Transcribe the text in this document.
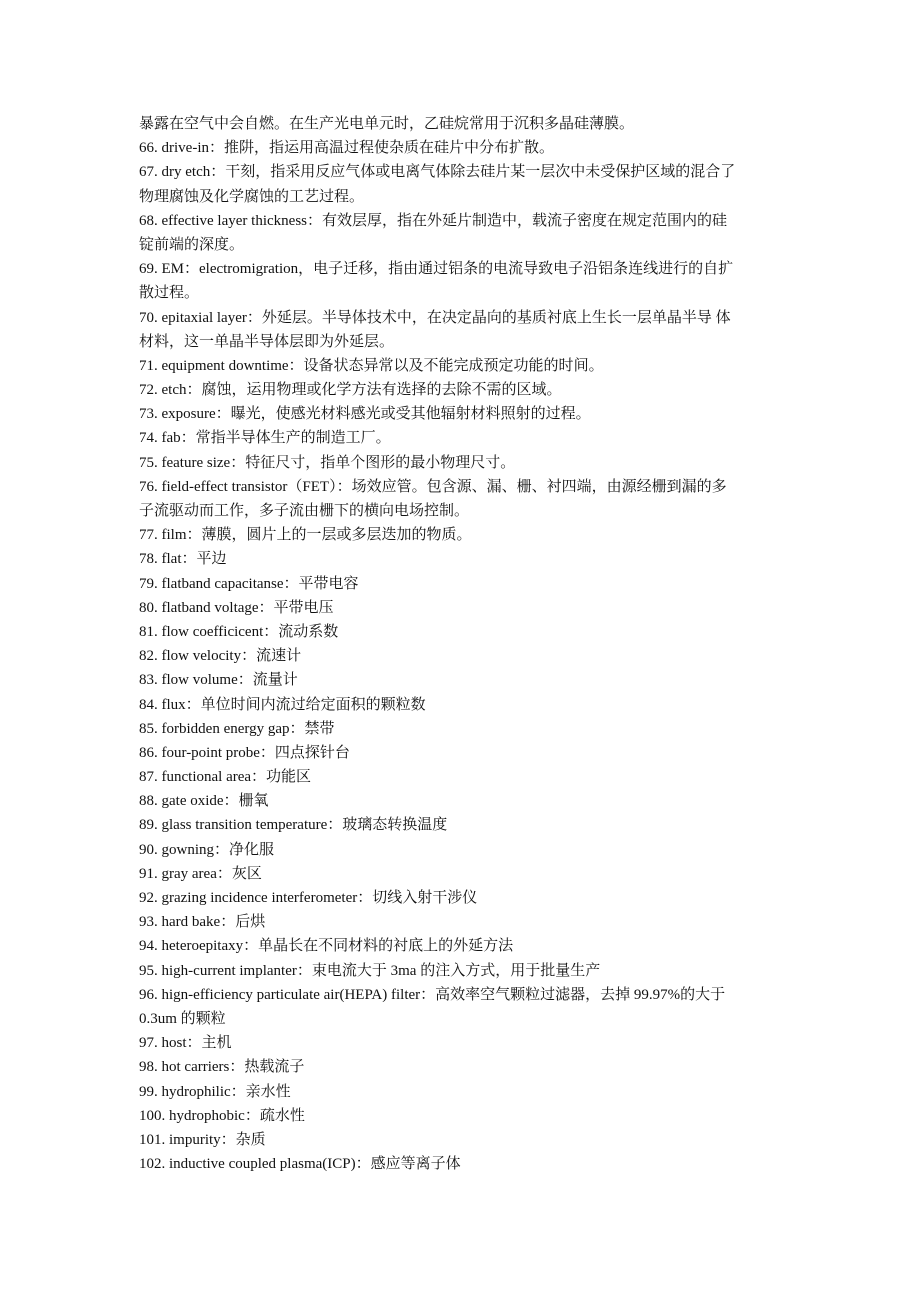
暴露在空气中会自燃。在生产光电单元时，乙硅烷常用于沉积多晶硅薄膜。
66. drive-in：推阱，指运用高温过程使杂质在硅片中分布扩散。
67. dry etch：干刻，指采用反应气体或电离气体除去硅片某一层次中未受保护区域的混合了
物理腐蚀及化学腐蚀的工艺过程。
68. effective layer thickness：有效层厚，指在外延片制造中，载流子密度在规定范围内的硅
锭前端的深度。
69. EM：electromigration，电子迁移，指由通过铝条的电流导致电子沿铝条连线进行的自扩
散过程。
70. epitaxial layer：外延层。半导体技术中，在决定晶向的基质衬底上生长一层单晶半导 体
材料，这一单晶半导体层即为外延层。
71. equipment downtime：设备状态异常以及不能完成预定功能的时间。
72. etch：腐蚀，运用物理或化学方法有选择的去除不需的区域。
73. exposure：曝光，使感光材料感光或受其他辐射材料照射的过程。
74. fab：常指半导体生产的制造工厂。
75. feature size：特征尺寸，指单个图形的最小物理尺寸。
76. field-effect transistor（FET）：场效应管。包含源、漏、栅、衬四端，由源经栅到漏的多
子流驱动而工作，多子流由栅下的横向电场控制。
77. film：薄膜，圆片上的一层或多层迭加的物质。
78. flat：平边
79. flatband capacitanse：平带电容
80. flatband voltage：平带电压
81. flow coefficicent：流动系数
82. flow velocity：流速计
83. flow volume：流量计
84. flux：单位时间内流过给定面积的颗粒数
85. forbidden energy gap：禁带
86. four-point probe：四点探针台
87. functional area：功能区
88. gate oxide：栅氧
89. glass transition temperature：玻璃态转换温度
90. gowning：净化服
91. gray area：灰区
92. grazing incidence interferometer：切线入射干涉仪
93. hard bake：后烘
94. heteroepitaxy：单晶长在不同材料的衬底上的外延方法
95. high-current implanter：束电流大于 3ma 的注入方式，用于批量生产
96. hign-efficiency particulate air(HEPA) filter：高效率空气颗粒过滤器，去掉 99.97%的大于
0.3um 的颗粒
97. host：主机
98. hot carriers：热载流子
99. hydrophilic：亲水性
100. hydrophobic：疏水性
101. impurity：杂质
102. inductive coupled plasma(ICP)：感应等离子体
